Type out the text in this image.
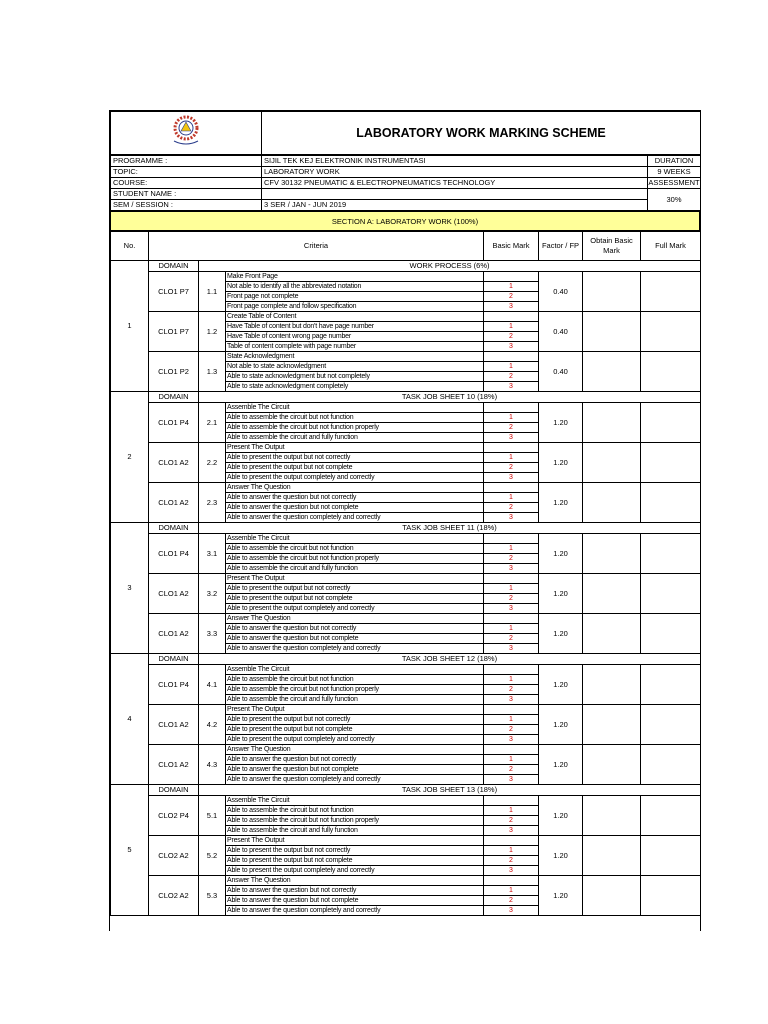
	LABORATORY WORK MARKING SCHEME
PROGRAMME :	SIJIL TEK KEJ ELEKTRONIK INSTRUMENTASI	DURATION
TOPIC:	LABORATORY WORK	9 WEEKS
COURSE:	CFV 30132 PNEUMATIC & ELECTROPNEUMATICS TECHNOLOGY	ASSESSMENT
STUDENT NAME :		30%
SEM / SESSION :	3 SER / JAN - JUN 2019	
SECTION A: LABORATORY WORK (100%)
No.	Criteria			Basic Mark	Factor / FP	Obtain Basic Mark	Full Mark
1	DOMAIN	WORK PROCESS (6%)					
	CLO1 P7	1.1	Make Front Page		0.40		
			Not able to identify all the abbreviated notation	1			
			Front page not complete	2			
			Front page complete and follow specification	3			
	CLO1 P7	1.2	Create Table of Content		0.40		
			Have Table of content but don't have page number	1			
			Have Table of content wrong page number	2			
			Table of content complete with page number	3			
	CLO1 P2	1.3	State Acknowledgment		0.40		
			Not able to state acknowledgment	1			
			Able to state acknowledgment but not completely	2			
			Able to state acknowledgment completely	3			
2	DOMAIN	TASK JOB SHEET 10 (18%)					
	CLO1 P4	2.1	Assemble The Circuit		1.20		
			Able to assemble the circuit but not function	1			
			Able to assemble the circuit but not function properly	2			
			Able to assemble the circuit and fully function	3			
	CLO1 A2	2.2	Present The Output		1.20		
			Able to present the output but not correctly	1			
			Able to present the output but not complete	2			
			Able to present the output completely and correctly	3			
	CLO1 A2	2.3	Answer The Question		1.20		
			Able to answer the question but not correctly	1			
			Able to answer the question but not complete	2			
			Able to answer the question completely and correctly	3			
3	DOMAIN	TASK JOB SHEET 11 (18%)					
	CLO1 P4	3.1	Assemble The Circuit		1.20		
			Able to assemble the circuit but not function	1			
			Able to assemble the circuit but not function properly	2			
			Able to assemble the circuit and fully function	3			
	CLO1 A2	3.2	Present The Output		1.20		
			Able to present the output but not correctly	1			
			Able to present the output but not complete	2			
			Able to present the output completely and correctly	3			
	CLO1 A2	3.3	Answer The Question		1.20		
			Able to answer the question but not correctly	1			
			Able to answer the question but not complete	2			
			Able to answer the question completely and correctly	3			
4	DOMAIN	TASK JOB SHEET 12 (18%)					
	CLO1 P4	4.1	Assemble The Circuit		1.20		
			Able to assemble the circuit but not function	1			
			Able to assemble the circuit but not function properly	2			
			Able to assemble the circuit and fully function	3			
	CLO1 A2	4.2	Present The Output		1.20		
			Able to present the output but not correctly	1			
			Able to present the output but not complete	2			
			Able to present the output completely and correctly	3			
	CLO1 A2	4.3	Answer The Question		1.20		
			Able to answer the question but not correctly	1			
			Able to answer the question but not complete	2			
			Able to answer the question completely and correctly	3			
5	DOMAIN	TASK JOB SHEET 13 (18%)					
	CLO2 P4	5.1	Assemble The Circuit		1.20		
			Able to assemble the circuit but not function	1			
			Able to assemble the circuit but not function properly	2			
			Able to assemble the circuit and fully function	3			
	CLO2 A2	5.2	Present The Output		1.20		
			Able to present the output but not correctly	1			
			Able to present the output but not complete	2			
			Able to present the output completely and correctly	3			
	CLO2 A2	5.3	Answer The Question		1.20		
			Able to answer the question but not correctly	1			
			Able to answer the question but not complete	2			
			Able to answer the question completely and correctly	3			
